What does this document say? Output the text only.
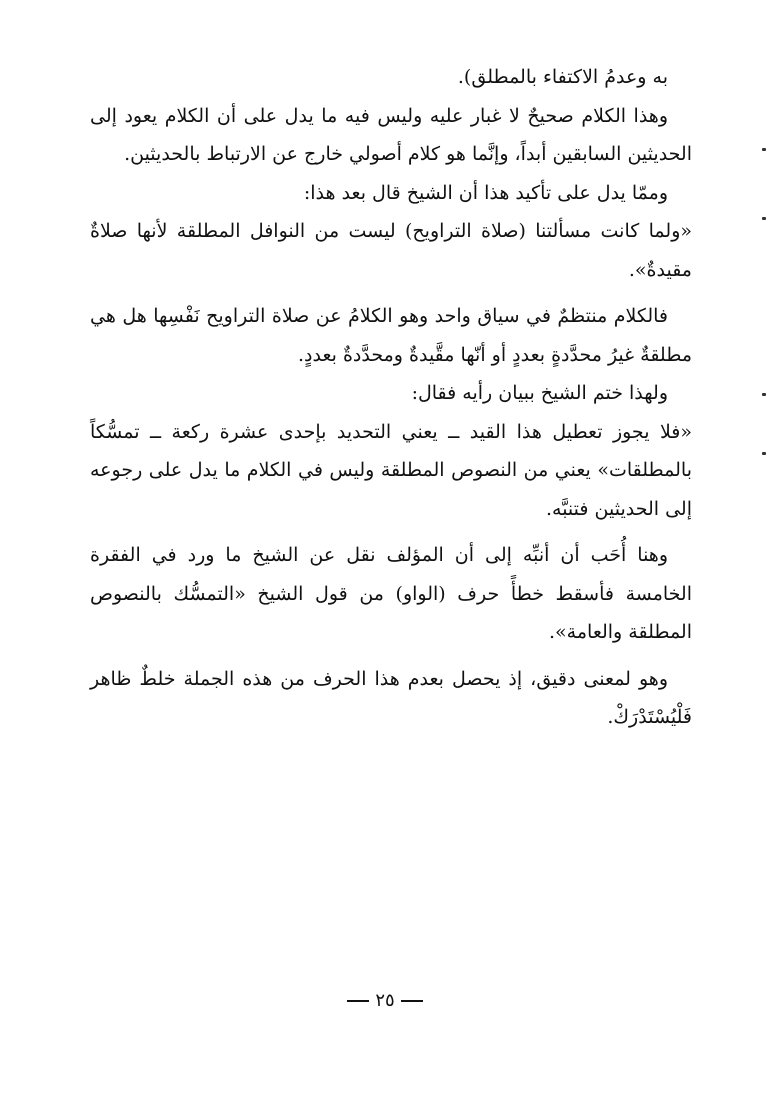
به وعدمُ الاكتفاء بالمطلق).

وهذا الكلام صحيحٌ لا غبار عليه وليس فيه ما يدل على أن الكلام يعود إلى الحديثين السابقين أبداً، وإنَّما هو كلام أصولي خارج عن الارتباط بالحديثين.

وممّا يدل على تأكيد هذا أن الشيخ قال بعد هذا:

«ولما كانت مسألتنا (صلاة التراويح) ليست من النوافل المطلقة لأنها صلاةٌ مقيدةٌ».

فالكلام منتظمٌ في سياق واحد وهو الكلامُ عن صلاة التراويح نَفْسِها هل هي مطلقةٌ غيرُ محدَّدةٍ بعددٍ أو أنّها مقَّيدةٌ ومحدَّدةٌ بعددٍ.

ولهذا ختم الشيخ ببيان رأيه فقال:

«فلا يجوز تعطيل هذا القيد ــ يعني التحديد بإحدى عشرة ركعة ــ تمسُّكاً بالمطلقات» يعني من النصوص المطلقة وليس في الكلام ما يدل على رجوعه إلى الحديثين فتنبَّه.

وهنا أُحَب أن أنبِّه إلى أن المؤلف نقل عن الشيخ ما ورد في الفقرة الخامسة فأسقط خطأً حرف (الواو) من قول الشيخ «التمسُّك بالنصوص المطلقة والعامة».

وهو لمعنى دقيق، إذ يحصل بعدم هذا الحرف من هذه الجملة خلطٌ ظاهر فَلْيُسْتَدْرَكْ.

٢٥
